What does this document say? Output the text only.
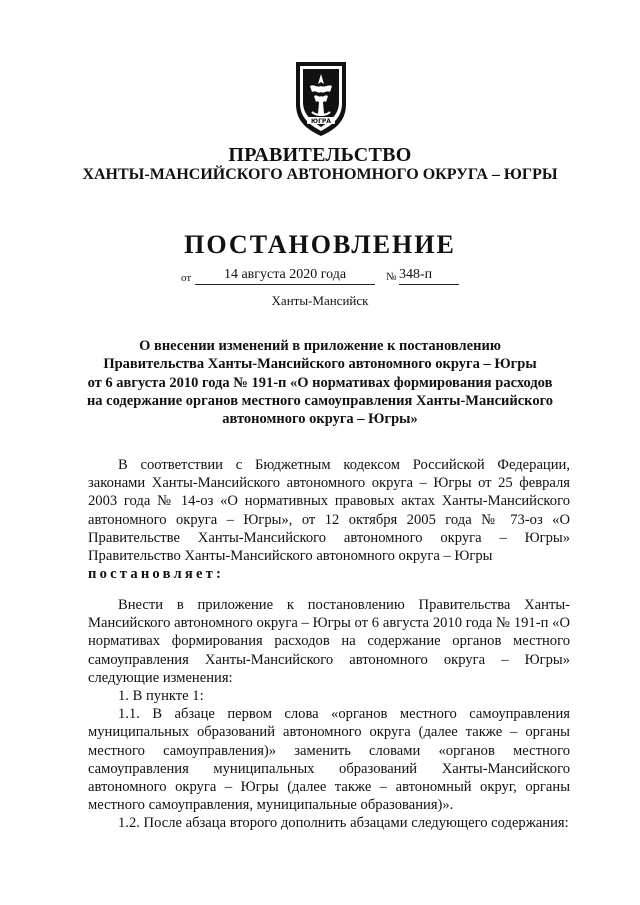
ЮГРА
ПРАВИТЕЛЬСТВО
ХАНТЫ-МАНСИЙСКОГО АВТОНОМНОГО ОКРУГА – ЮГРЫ
ПОСТАНОВЛЕНИЕ
от	14 августа 2020 года	№ 348-п
Ханты-Мансийск
О внесении изменений в приложение к постановлению
Правительства Ханты-Мансийского автономного округа – Югры
от 6 августа 2010 года № 191-п «О нормативах формирования расходов
на содержание органов местного самоуправления Ханты-Мансийского
автономного округа – Югры»

В соответствии с Бюджетным кодексом Российской Федерации, законами Ханты-Мансийского автономного округа – Югры от 25 февраля 2003 года № 14-оз «О нормативных правовых актах Ханты-Мансийского автономного округа – Югры», от 12 октября 2005 года № 73-оз «О Правительстве Ханты-Мансийского автономного округа – Югры» Правительство Ханты-Мансийского автономного округа – Югры

постановляет:

Внести в приложение к постановлению Правительства Ханты-Мансийского автономного округа – Югры от 6 августа 2010 года № 191-п «О нормативах формирования расходов на содержание органов местного самоуправления Ханты-Мансийского автономного округа – Югры» следующие изменения:

1. В пункте 1:

1.1. В абзаце первом слова «органов местного самоуправления муниципальных образований автономного округа (далее также – органы местного самоуправления)» заменить словами «органов местного самоуправления муниципальных образований Ханты-Мансийского автономного округа – Югры (далее также – автономный округ, органы местного самоуправления, муниципальные образования)».

1.2. После абзаца второго дополнить абзацами следующего содержания:
